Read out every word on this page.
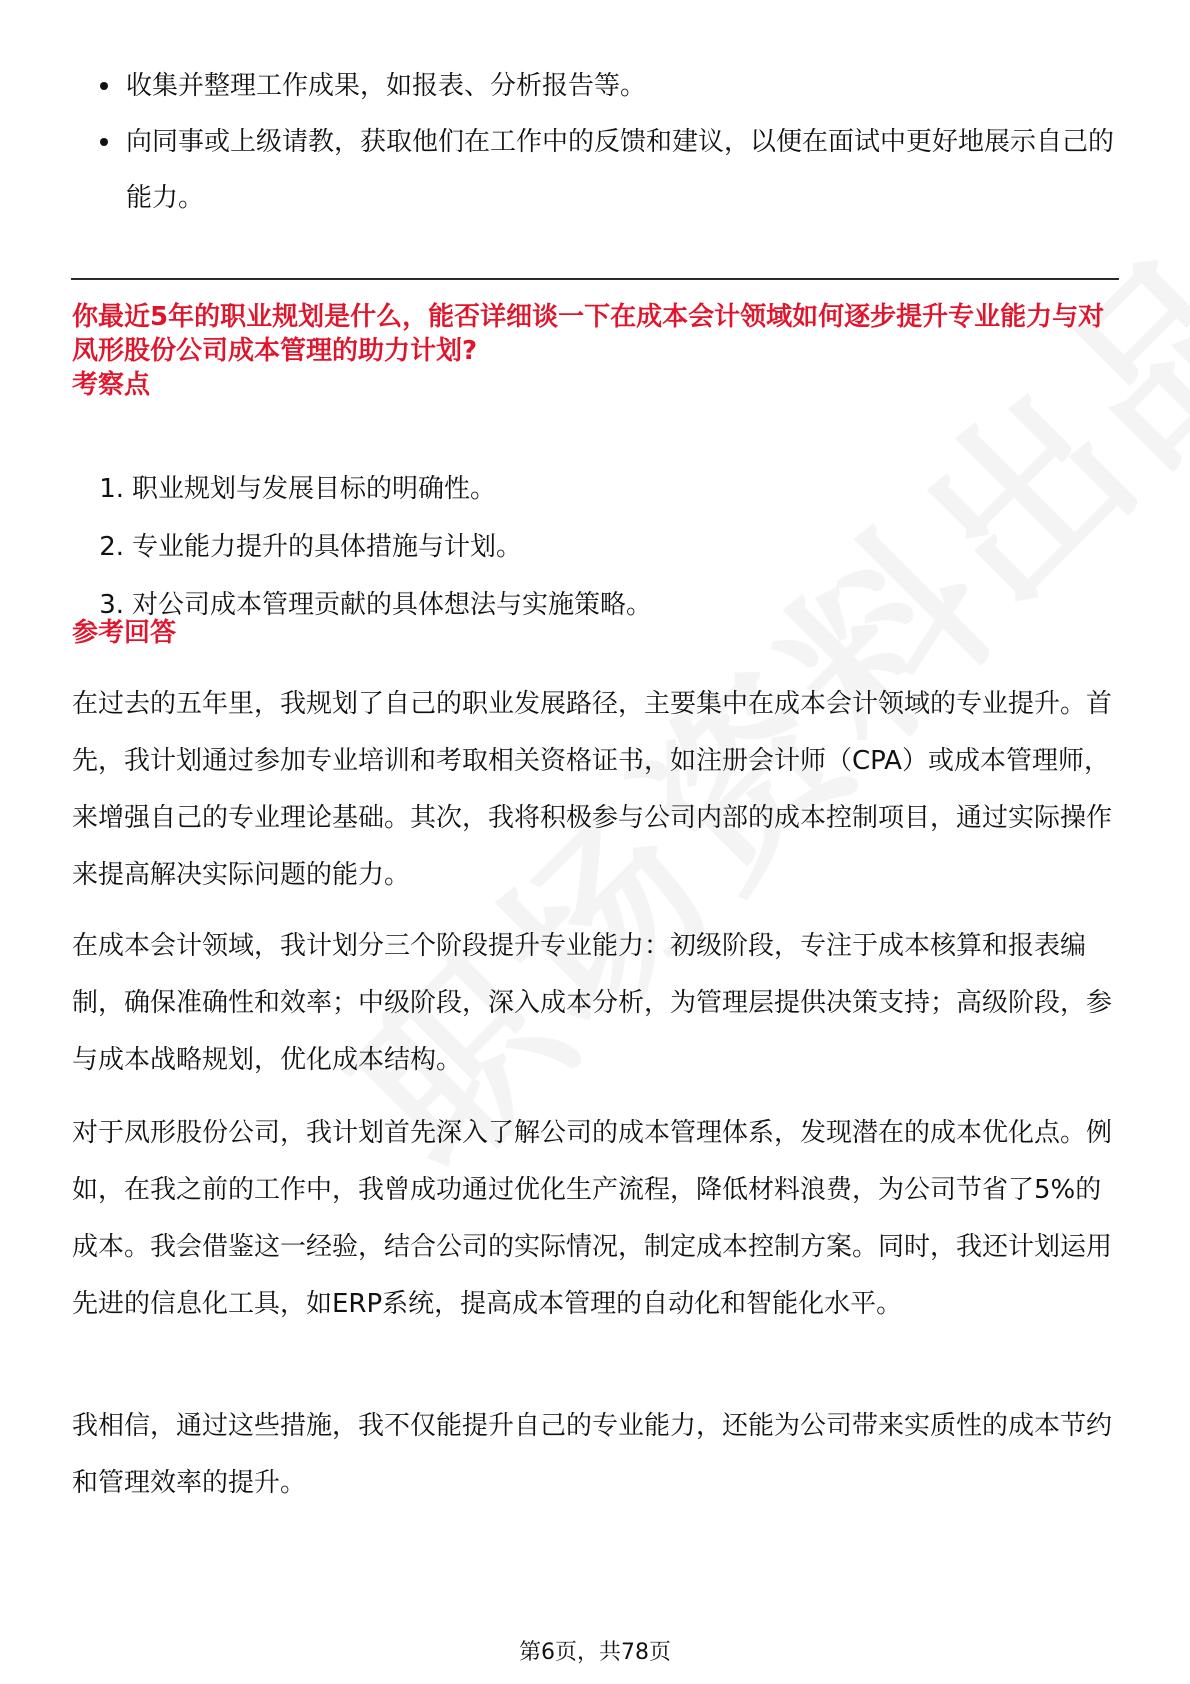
收集并整理工作成果，如报表、分析报告等。
向同事或上级请教，获取他们在工作中的反馈和建议，以便在面试中更好地展示自己的能力。
你最近5年的职业规划是什么，能否详细谈一下在成本会计领域如何逐步提升专业能力与对凤形股份公司成本管理的助力计划?
考察点
1. 职业规划与发展目标的明确性。
2. 专业能力提升的具体措施与计划。
3. 对公司成本管理贡献的具体想法与实施策略。
参考回答

在过去的五年里，我规划了自己的职业发展路径，主要集中在成本会计领域的专业提升。首先，我计划通过参加专业培训和考取相关资格证书，如注册会计师（CPA）或成本管理师，来增强自己的专业理论基础。其次，我将积极参与公司内部的成本控制项目，通过实际操作来提高解决实际问题的能力。

在成本会计领域，我计划分三个阶段提升专业能力：初级阶段，专注于成本核算和报表编制，确保准确性和效率；中级阶段，深入成本分析，为管理层提供决策支持；高级阶段，参与成本战略规划，优化成本结构。

对于凤形股份公司，我计划首先深入了解公司的成本管理体系，发现潜在的成本优化点。例如，在我之前的工作中，我曾成功通过优化生产流程，降低材料浪费，为公司节省了5%的成本。我会借鉴这一经验，结合公司的实际情况，制定成本控制方案。同时，我还计划运用先进的信息化工具，如ERP系统，提高成本管理的自动化和智能化水平。

我相信，通过这些措施，我不仅能提升自己的专业能力，还能为公司带来实质性的成本节约和管理效率的提升。

第6页，共78页
